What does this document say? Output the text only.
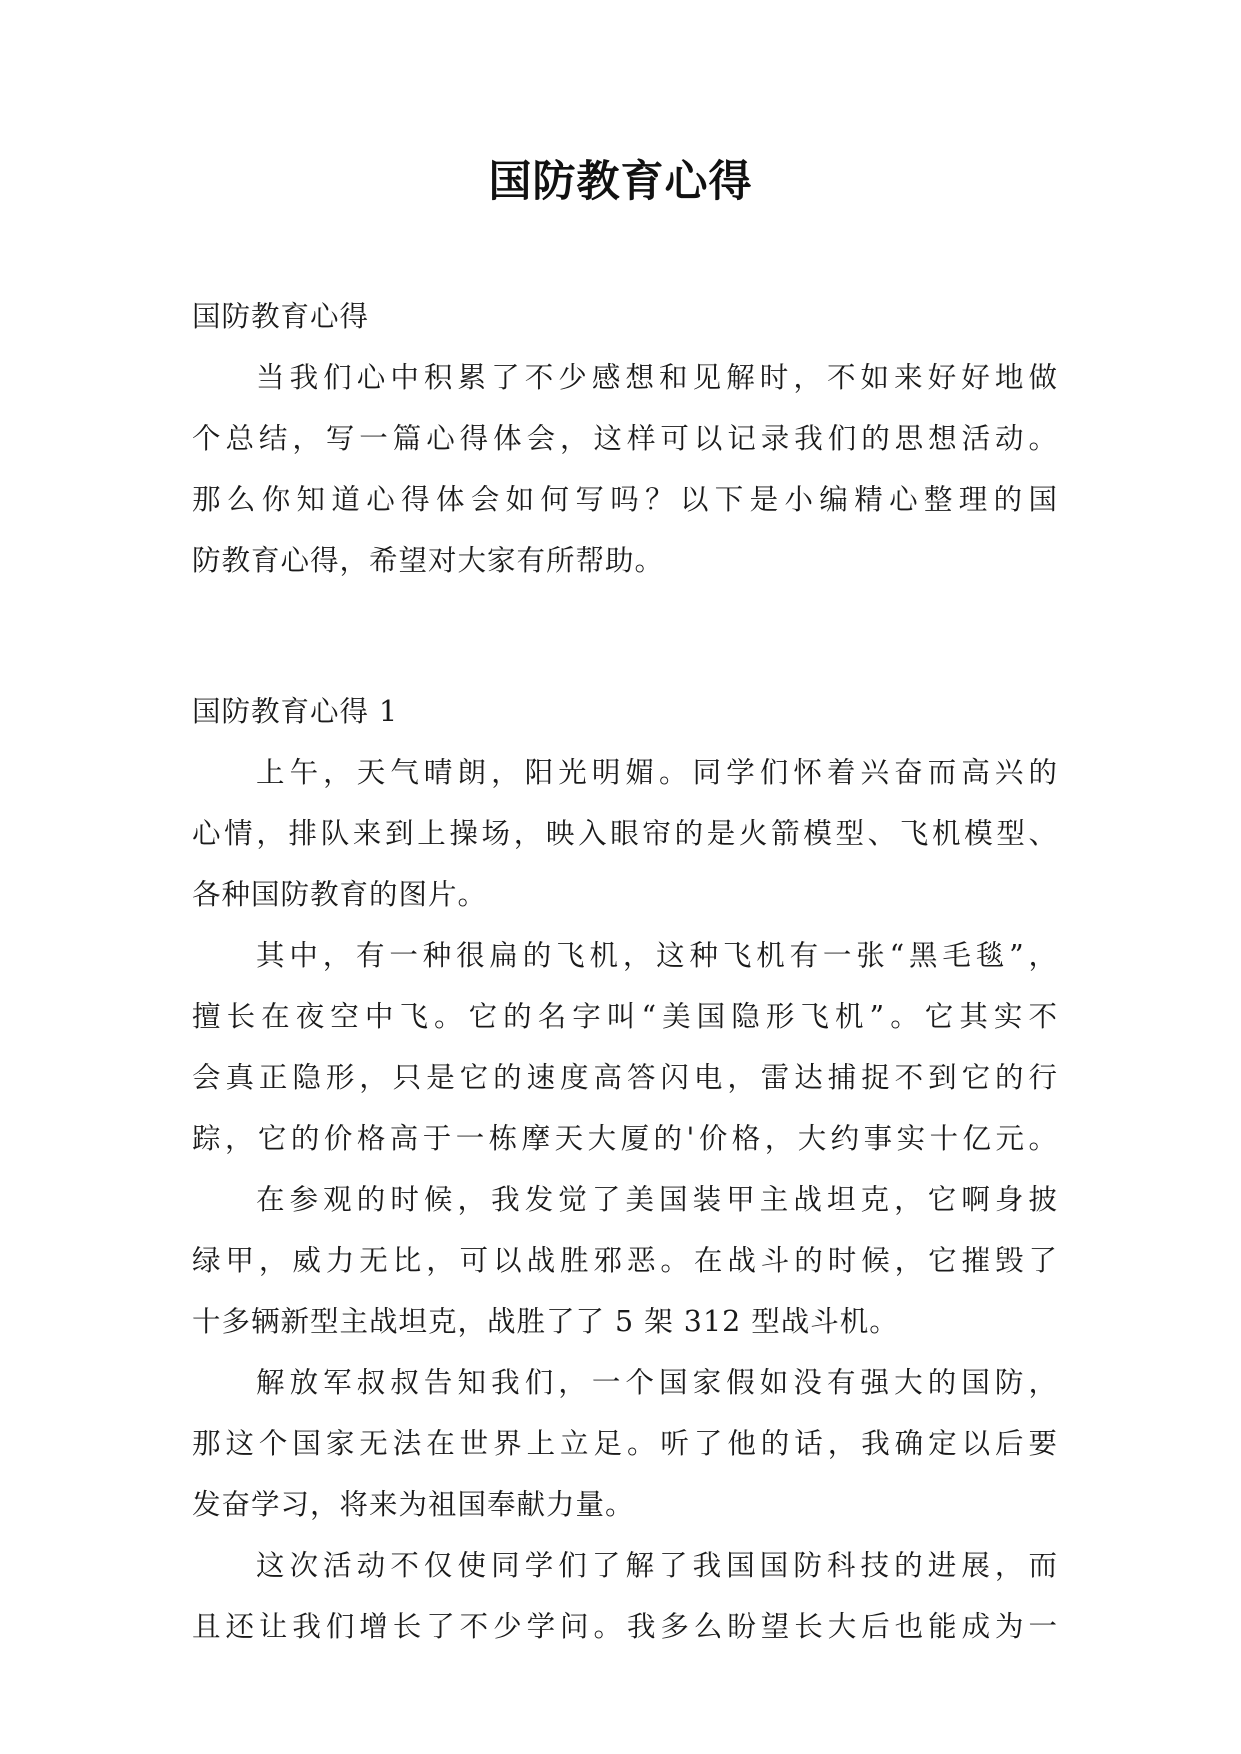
国防教育心得
国防教育心得
当我们心中积累了不少感想和见解时，不如来好好地做
个总结，写一篇心得体会，这样可以记录我们的思想活动。
那么你知道心得体会如何写吗？以下是小编精心整理的国
防教育心得，希望对大家有所帮助。
国防教育心得 1
上午，天气晴朗，阳光明媚。同学们怀着兴奋而高兴的
心情，排队来到上操场，映入眼帘的是火箭模型、飞机模型、
各种国防教育的图片。
其中，有一种很扁的飞机，这种飞机有一张“黑毛毯”，
擅长在夜空中飞。它的名字叫“美国隐形飞机”。它其实不
会真正隐形，只是它的速度高答闪电，雷达捕捉不到它的行
踪，它的价格高于一栋摩天大厦的'价格，大约事实十亿元。
在参观的时候，我发觉了美国装甲主战坦克，它啊身披
绿甲，威力无比，可以战胜邪恶。在战斗的时候，它摧毁了
十多辆新型主战坦克，战胜了了 5 架 312 型战斗机。
解放军叔叔告知我们，一个国家假如没有强大的国防，
那这个国家无法在世界上立足。听了他的话，我确定以后要
发奋学习，将来为祖国奉献力量。
这次活动不仅使同学们了解了我国国防科技的进展，而
且还让我们增长了不少学问。我多么盼望长大后也能成为一
